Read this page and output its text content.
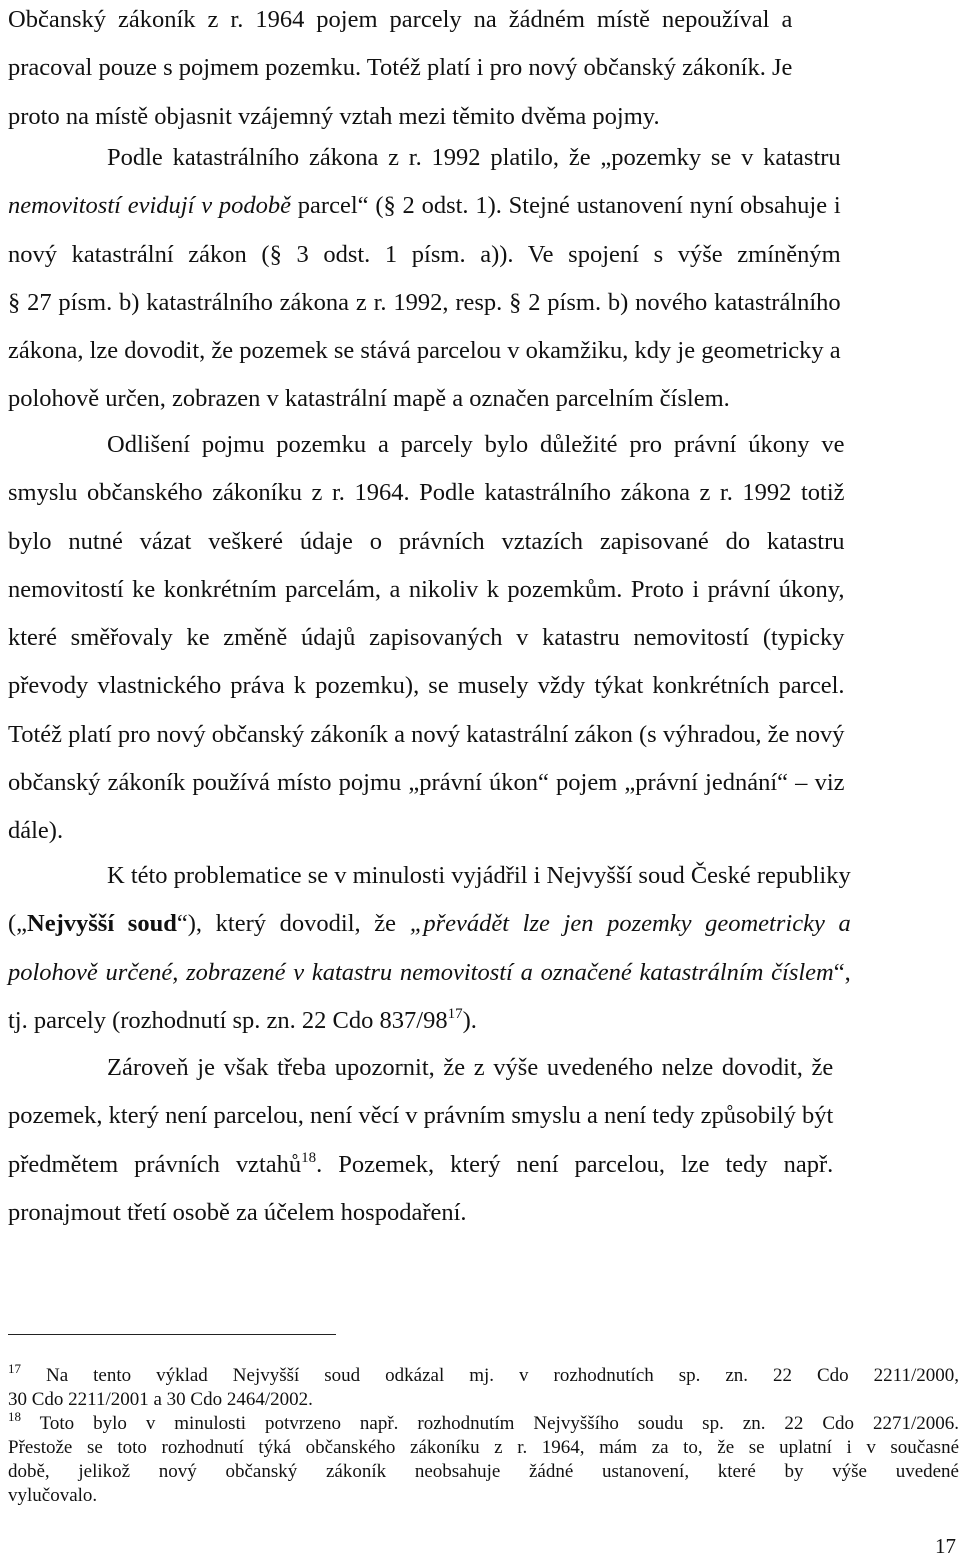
Občanský zákoník z r. 1964 pojem parcely na žádném místě nepoužíval a
pracoval pouze s pojmem pozemku. Totéž platí i pro nový občanský zákoník. Je
proto na místě objasnit vzájemný vztah mezi těmito dvěma pojmy.

Podle katastrálního zákona z r. 1992 platilo, že „pozemky se v katastru
nemovitostí evidují v podobě parcel“ (§ 2 odst. 1). Stejné ustanovení nyní obsahuje i
nový katastrální zákon (§ 3 odst. 1 písm. a)). Ve spojení s výše zmíněným
§ 27 písm. b) katastrálního zákona z r. 1992, resp. § 2 písm. b) nového katastrálního
zákona, lze dovodit, že pozemek se stává parcelou v okamžiku, kdy je geometricky a
polohově určen, zobrazen v katastrální mapě a označen parcelním číslem.

Odlišení pojmu pozemku a parcely bylo důležité pro právní úkony ve
smyslu občanského zákoníku z r. 1964. Podle katastrálního zákona z r. 1992 totiž
bylo nutné vázat veškeré údaje o právních vztazích zapisované do katastru
nemovitostí ke konkrétním parcelám, a nikoliv k pozemkům. Proto i právní úkony,
které směřovaly ke změně údajů zapisovaných v katastru nemovitostí (typicky
převody vlastnického práva k pozemku), se musely vždy týkat konkrétních parcel.
Totéž platí pro nový občanský zákoník a nový katastrální zákon (s výhradou, že nový
občanský zákoník používá místo pojmu „právní úkon“ pojem „právní jednání“ – viz
dále).

K této problematice se v minulosti vyjádřil i Nejvyšší soud České republiky
(„Nejvyšší soud“), který dovodil, že „převádět lze jen pozemky geometricky a
polohově určené, zobrazené v katastru nemovitostí a označené katastrálním číslem“,
tj. parcely (rozhodnutí sp. zn. 22 Cdo $837/98^{17}$).

Zároveň je však třeba upozornit, že z výše uvedeného nelze dovodit, že
pozemek, který není parcelou, není věcí v právním smyslu a není tedy způsobilý být
předmětem právních vztahů$^{18}$. Pozemek, který není parcelou, lze tedy např.
pronajmout třetí osobě za účelem hospodaření.

$^{17}$ Na tento výklad Nejvyšší soud odkázal mj. v rozhodnutích sp. zn. 22 Cdo 2211/2000,
30 Cdo 2211/2001 a 30 Cdo 2464/2002.

$^{18}$ Toto bylo v minulosti potvrzeno např. rozhodnutím Nejvyššího soudu sp. zn. 22 Cdo 2271/2006.
Přestože se toto rozhodnutí týká občanského zákoníku z r. 1964, mám za to, že se uplatní i v současné
době, jelikož nový občanský zákoník neobsahuje žádné ustanovení, které by výše uvedené
vylučovalo.

17
